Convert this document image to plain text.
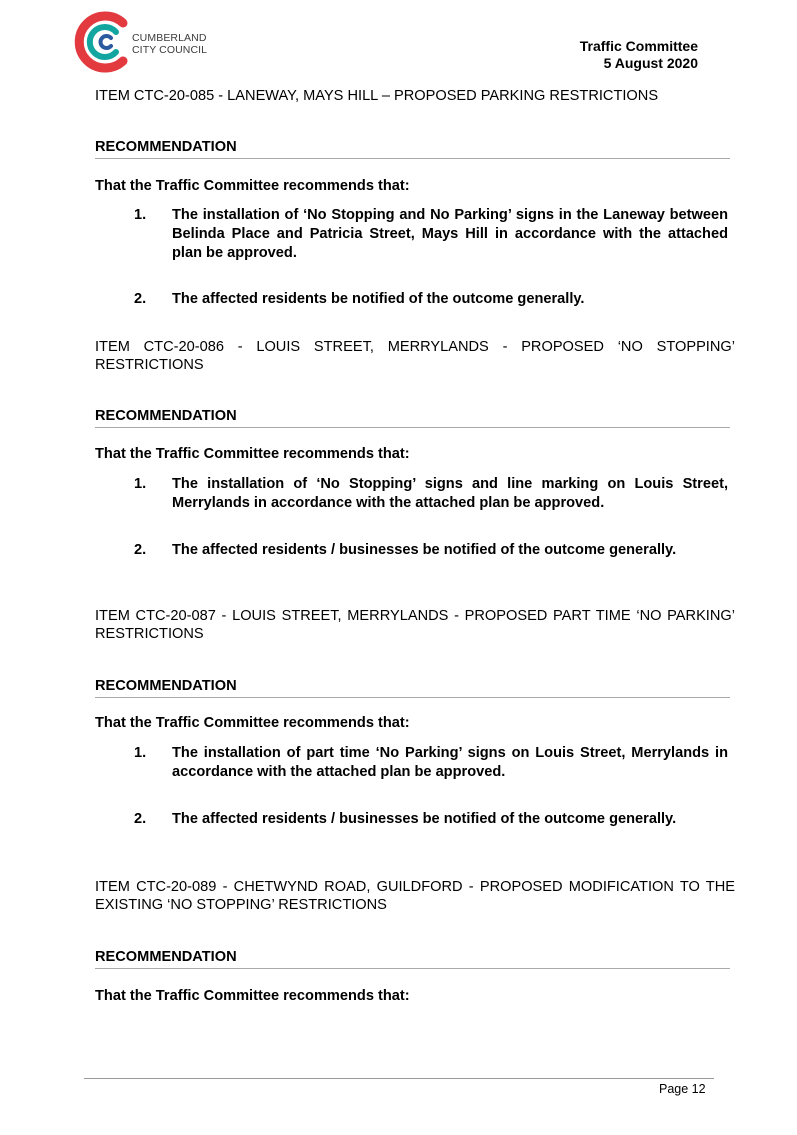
CUMBERLAND
CITY COUNCIL	Traffic Committee
5 August 2020
ITEM CTC-20-085 - LANEWAY, MAYS HILL – PROPOSED PARKING RESTRICTIONS
RECOMMENDATION
That the Traffic Committee recommends that:
1. The installation of ‘No Stopping and No Parking’ signs in the Laneway between Belinda Place and Patricia Street, Mays Hill in accordance with the attached plan be approved.
2. The affected residents be notified of the outcome generally.
ITEM CTC-20-086 - LOUIS STREET, MERRYLANDS - PROPOSED ‘NO STOPPING’ RESTRICTIONS
RECOMMENDATION
That the Traffic Committee recommends that:
1. The installation of ‘No Stopping’ signs and line marking on Louis Street, Merrylands in accordance with the attached plan be approved.
2. The affected residents / businesses be notified of the outcome generally.
ITEM CTC-20-087 - LOUIS STREET, MERRYLANDS - PROPOSED PART TIME ‘NO PARKING’ RESTRICTIONS
RECOMMENDATION
That the Traffic Committee recommends that:
1. The installation of part time ‘No Parking’ signs on Louis Street, Merrylands in accordance with the attached plan be approved.
2. The affected residents / businesses be notified of the outcome generally.
ITEM CTC-20-089 - CHETWYND ROAD, GUILDFORD - PROPOSED MODIFICATION TO THE EXISTING ‘NO STOPPING’ RESTRICTIONS
RECOMMENDATION
That the Traffic Committee recommends that:
Page 12
